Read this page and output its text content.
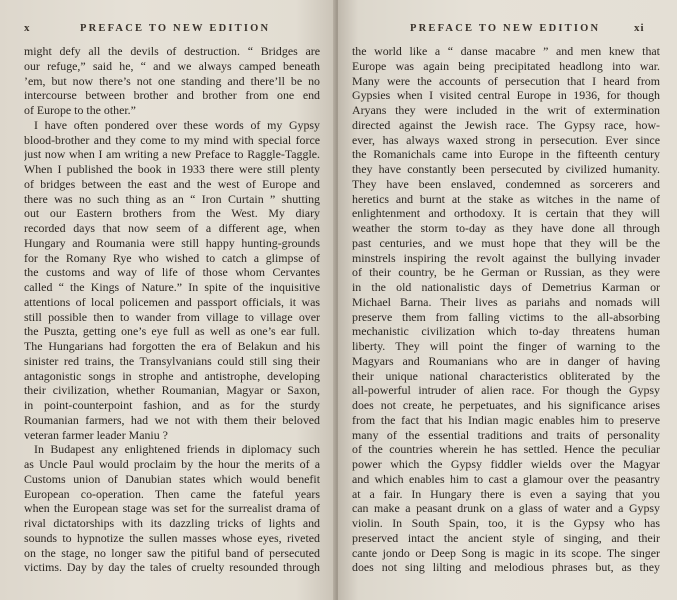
x	PREFACE TO NEW EDITION
might defy all the devils of destruction. “ Bridges are
our refuge,” said he, “ and we always camped beneath
’em, but now there’s not one standing and there’ll be no
intercourse between brother and brother from one end
of Europe to the other.”
I have often pondered over these words of my Gypsy
blood-brother and they come to my mind with special force
just now when I am writing a new Preface to Raggle-Taggle.
When I published the book in 1933 there were still plenty
of bridges between the east and the west of Europe and
there was no such thing as an “ Iron Curtain ” shutting
out our Eastern brothers from the West. My diary
recorded days that now seem of a different age, when
Hungary and Roumania were still happy hunting-grounds
for the Romany Rye who wished to catch a glimpse of
the customs and way of life of those whom Cervantes
called “ the Kings of Nature.” In spite of the inquisitive
attentions of local policemen and passport officials, it was
still possible then to wander from village to village over
the Puszta, getting one’s eye full as well as one’s ear full.
The Hungarians had forgotten the era of Belakun and his
sinister red trains, the Transylvanians could still sing their
antagonistic songs in strophe and antistrophe, developing
their civilization, whether Roumanian, Magyar or Saxon,
in point-counterpoint fashion, and as for the sturdy
Roumanian farmers, had we not with them their beloved
veteran farmer leader Maniu ?
In Budapest any enlightened friends in diplomacy such
as Uncle Paul would proclaim by the hour the merits of a
Customs union of Danubian states which would benefit
European co-operation. Then came the fateful years
when the European stage was set for the surrealist drama of
rival dictatorships with its dazzling tricks of lights and
sounds to hypnotize the sullen masses whose eyes, riveted
on the stage, no longer saw the pitiful band of persecuted
victims. Day by day the tales of cruelty resounded through
PREFACE TO NEW EDITION	xi
the world like a “ danse macabre ” and men knew that
Europe was again being precipitated headlong into war.
Many were the accounts of persecution that I heard from
Gypsies when I visited central Europe in 1936, for though
Aryans they were included in the writ of extermination
directed against the Jewish race. The Gypsy race, how-
ever, has always waxed strong in persecution. Ever since
the Romanichals came into Europe in the fifteenth century
they have constantly been persecuted by civilized humanity.
They have been enslaved, condemned as sorcerers and
heretics and burnt at the stake as witches in the name of
enlightenment and orthodoxy. It is certain that they will
weather the storm to-day as they have done all through
past centuries, and we must hope that they will be the
minstrels inspiring the revolt against the bullying invader
of their country, be he German or Russian, as they were
in the old nationalistic days of Demetrius Karman or
Michael Barna. Their lives as pariahs and nomads will
preserve them from falling victims to the all-absorbing
mechanistic civilization which to-day threatens human
liberty. They will point the finger of warning to the
Magyars and Roumanians who are in danger of having
their unique national characteristics obliterated by the
all-powerful intruder of alien race. For though the Gypsy
does not create, he perpetuates, and his significance arises
from the fact that his Indian magic enables him to preserve
many of the essential traditions and traits of personality
of the countries wherein he has settled. Hence the peculiar
power which the Gypsy fiddler wields over the Magyar
and which enables him to cast a glamour over the peasantry
at a fair. In Hungary there is even a saying that you
can make a peasant drunk on a glass of water and a Gypsy
violin. In South Spain, too, it is the Gypsy who has
preserved intact the ancient style of singing, and their
cante jondo or Deep Song is magic in its scope. The singer
does not sing lilting and melodious phrases but, as they
